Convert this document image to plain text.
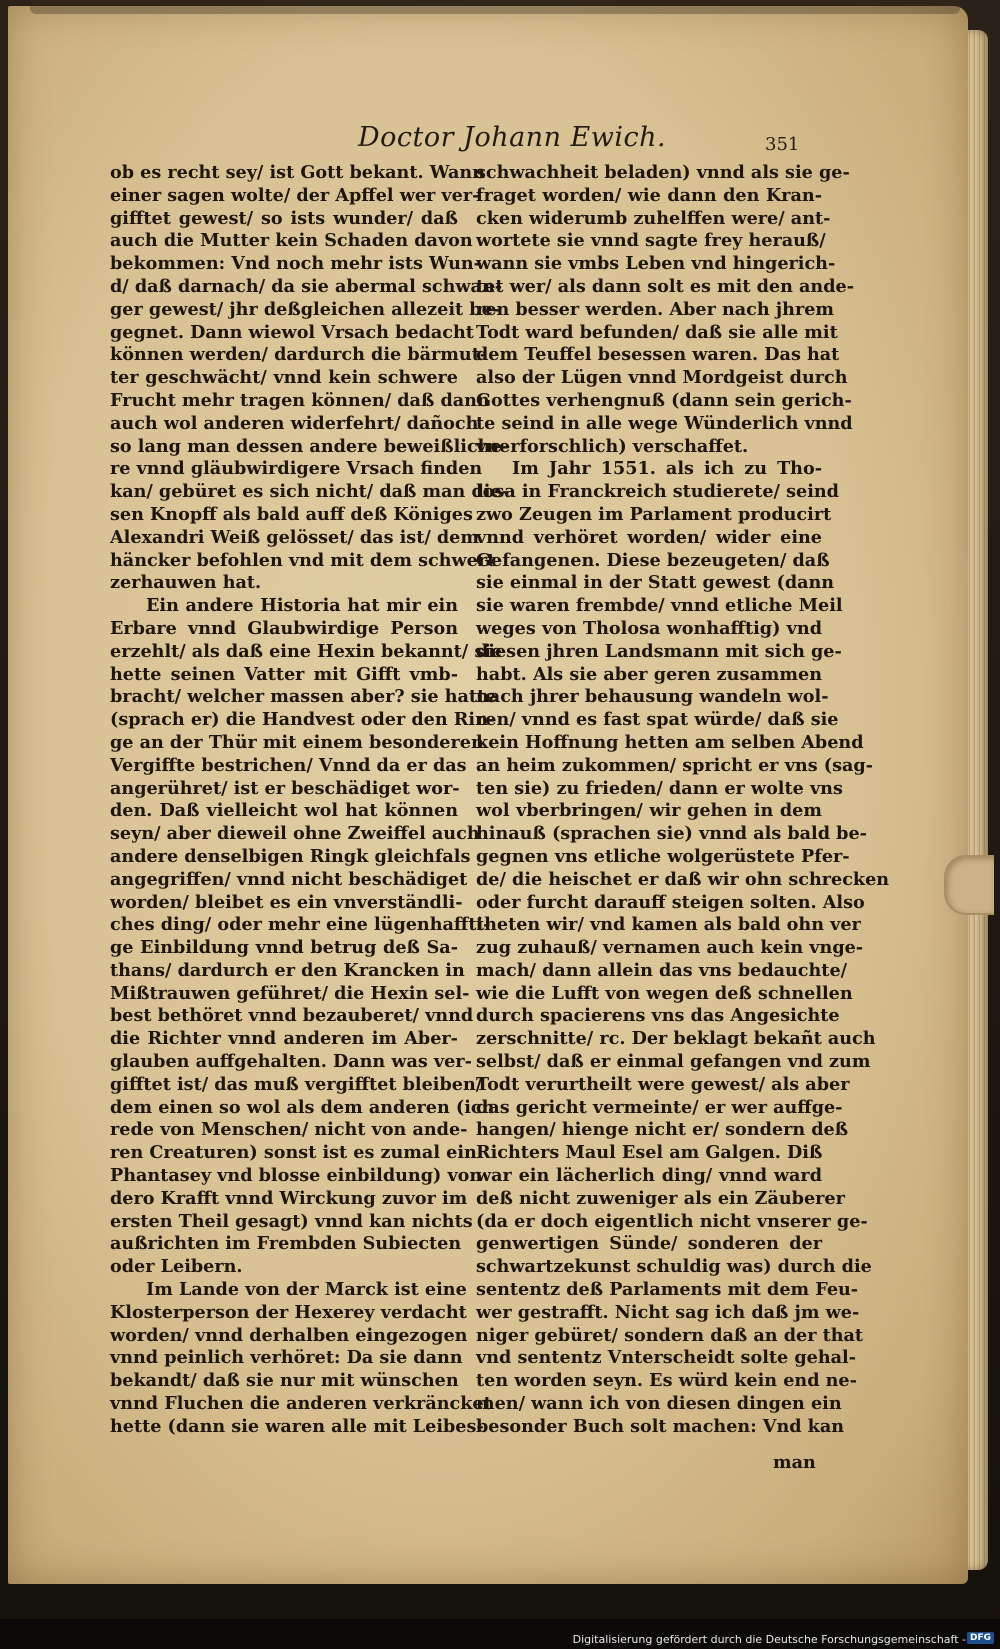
Doctor Johann Ewich.	351
ob es recht sey/ ist Gott bekant. Wann
einer sagen wolte/ der Apffel wer ver-
gifftet gewest/ so ists wunder/ daß
auch die Mutter kein Schaden davon
bekommen: Vnd noch mehr ists Wun-
d/ daß darnach/ da sie abermal schwan-
ger gewest/ jhr deßgleichen allezeit be-
gegnet. Dann wiewol Vrsach bedacht
können werden/ dardurch die bärmut-
ter geschwächt/ vnnd kein schwere
Frucht mehr tragen können/ daß dann
auch wol anderen widerfehrt/ dañoch
so lang man dessen andere beweißliche-
re vnnd gläubwirdigere Vrsach finden
kan/ gebüret es sich nicht/ daß man die-
sen Knopff als bald auff deß Königes
Alexandri Weiß gelösset/ das ist/ dem
häncker befohlen vnd mit dem schwert
zerhauwen hat.
Ein andere Historia hat mir ein
Erbare vnnd Glaubwirdige Person
erzehlt/ als daß eine Hexin bekannt/ sie
hette seinen Vatter mit Gifft vmb-
bracht/ welcher massen aber? sie hatte
(sprach er) die Handvest oder den Rin-
ge an der Thür mit einem besonderen
Vergiffte bestrichen/ Vnnd da er das
angerühret/ ist er beschädiget wor-
den. Daß vielleicht wol hat können
seyn/ aber dieweil ohne Zweiffel auch
andere denselbigen Ringk gleichfals
angegriffen/ vnnd nicht beschädiget
worden/ bleibet es ein vnverständli-
ches ding/ oder mehr eine lügenhaffti-
ge Einbildung vnnd betrug deß Sa-
thans/ dardurch er den Krancken in
Mißtrauwen geführet/ die Hexin sel-
best bethöret vnnd bezauberet/ vnnd
die Richter vnnd anderen im Aber-
glauben auffgehalten. Dann was ver-
gifftet ist/ das muß vergifftet bleiben/
dem einen so wol als dem anderen (ich
rede von Menschen/ nicht von ande-
ren Creaturen) sonst ist es zumal ein
Phantasey vnd blosse einbildung) von
dero Krafft vnnd Wirckung zuvor im
ersten Theil gesagt) vnnd kan nichts
außrichten im Frembden Subiecten
oder Leibern.
Im Lande von der Marck ist eine
Klosterperson der Hexerey verdacht
worden/ vnnd derhalben eingezogen
vnnd peinlich verhöret: Da sie dann
bekandt/ daß sie nur mit wünschen
vnnd Fluchen die anderen verkräncket
hette (dann sie waren alle mit Leibes-
schwachheit beladen) vnnd als sie ge-
fraget worden/ wie dann den Kran-
cken widerumb zuhelffen were/ ant-
wortete sie vnnd sagte frey herauß/
wann sie vmbs Leben vnd hingerich-
tet wer/ als dann solt es mit den ande-
ren besser werden. Aber nach jhrem
Todt ward befunden/ daß sie alle mit
dem Teuffel besessen waren. Das hat
also der Lügen vnnd Mordgeist durch
Gottes verhengnuß (dann sein gerich-
te seind in alle wege Wünderlich vnnd
vnerforschlich) verschaffet.
Im Jahr 1551. als ich zu Tho-
losa in Franckreich studierete/ seind
zwo Zeugen im Parlament producirt
vnnd verhöret worden/ wider eine
Gefangenen. Diese bezeugeten/ daß
sie einmal in der Statt gewest (dann
sie waren frembde/ vnnd etliche Meil
weges von Tholosa wonhafftig) vnd
diesen jhren Landsmann mit sich ge-
habt. Als sie aber geren zusammen
nach jhrer behausung wandeln wol-
ren/ vnnd es fast spat würde/ daß sie
kein Hoffnung hetten am selben Abend
an heim zukommen/ spricht er vns (sag-
ten sie) zu frieden/ dann er wolte vns
wol vberbringen/ wir gehen in dem
hinauß (sprachen sie) vnnd als bald be-
gegnen vns etliche wolgerüstete Pfer-
de/ die heischet er daß wir ohn schrecken
oder furcht darauff steigen solten. Also
theten wir/ vnd kamen als bald ohn ver
zug zuhauß/ vernamen auch kein vnge-
mach/ dann allein das vns bedauchte/
wie die Lufft von wegen deß schnellen
durch spacierens vns das Angesichte
zerschnitte/ rc. Der beklagt bekañt auch
selbst/ daß er einmal gefangen vnd zum
Todt verurtheilt were gewest/ als aber
das gericht vermeinte/ er wer auffge-
hangen/ hienge nicht er/ sondern deß
Richters Maul Esel am Galgen. Diß
war ein lächerlich ding/ vnnd ward
deß nicht zuweniger als ein Zäuberer
(da er doch eigentlich nicht vnserer ge-
genwertigen Sünde/ sonderen der
schwartzekunst schuldig was) durch die
sententz deß Parlaments mit dem Feu-
wer gestrafft. Nicht sag ich daß jm we-
niger gebüret/ sondern daß an der that
vnd sententz Vnterscheidt solte gehal-
ten worden seyn. Es würd kein end ne-
men/ wann ich von diesen dingen ein
besonder Buch solt machen: Vnd kan
man
Digitalisierung gefördert durch die Deutsche Forschungsgemeinschaft - DFG
